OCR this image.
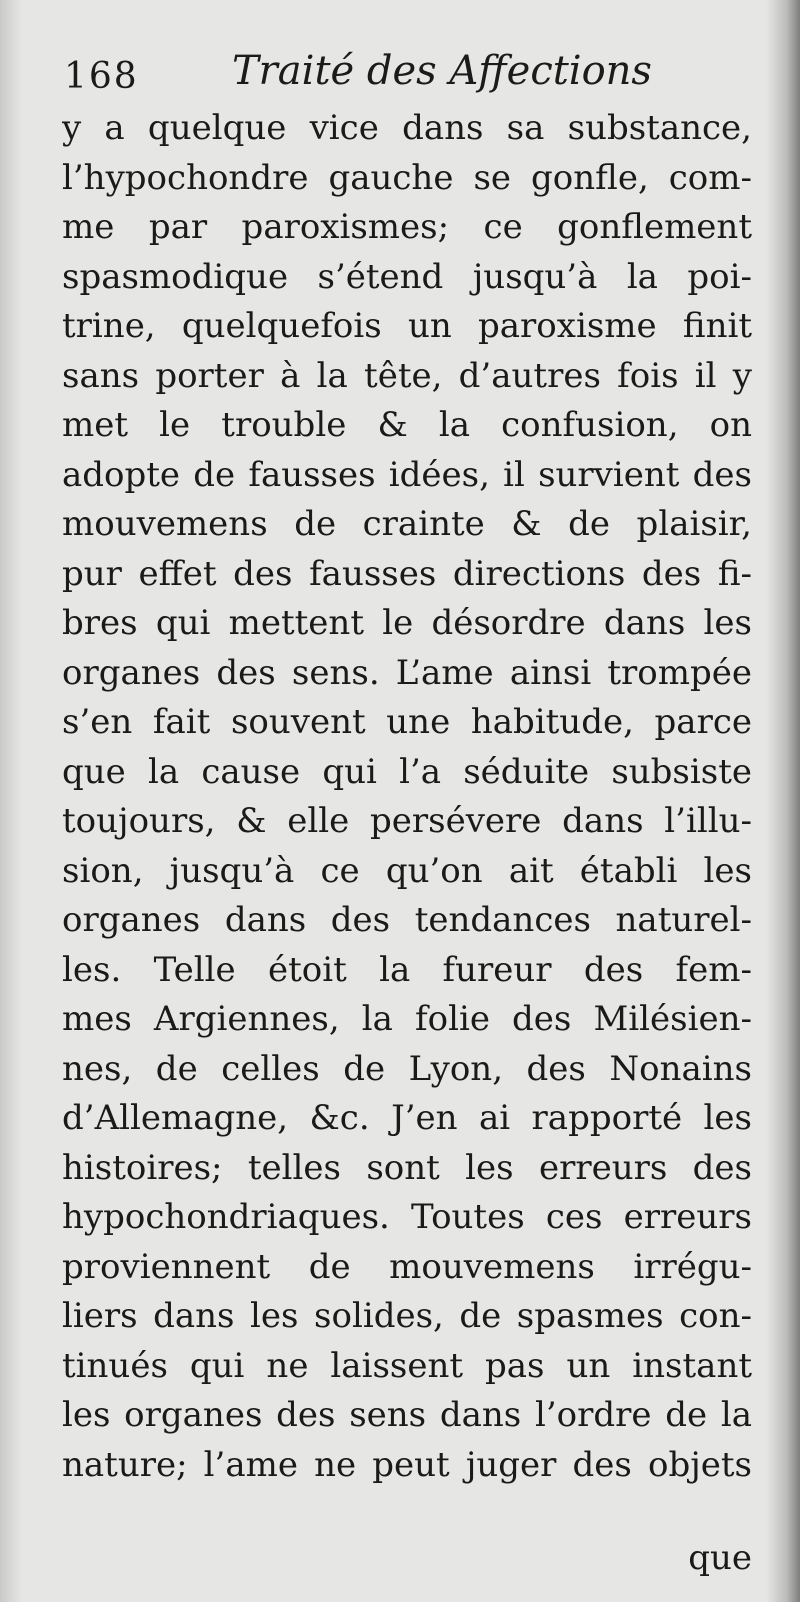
168 Traité des Affections
y a quelque vice dans sa substance,
l’hypochondre gauche se gonfle, com-
me par paroxismes; ce gonflement
spasmodique s’étend jusqu’à la poi-
trine, quelquefois un paroxisme finit
sans porter à la tête, d’autres fois il y
met le trouble & la confusion, on
adopte de fausses idées, il survient des
mouvemens de crainte & de plaisir,
pur effet des fausses directions des fi-
bres qui mettent le désordre dans les
organes des sens. L’ame ainsi trompée
s’en fait souvent une habitude, parce
que la cause qui l’a séduite subsiste
toujours, & elle persévere dans l’illu-
sion, jusqu’à ce qu’on ait établi les
organes dans des tendances naturel-
les. Telle étoit la fureur des fem-
mes Argiennes, la folie des Milésien-
nes, de celles de Lyon, des Nonains
d’Allemagne, &c. J’en ai rapporté les
histoires; telles sont les erreurs des
hypochondriaques. Toutes ces erreurs
proviennent de mouvemens irrégu-
liers dans les solides, de spasmes con-
tinués qui ne laissent pas un instant
les organes des sens dans l’ordre de la
nature; l’ame ne peut juger des objets
que
